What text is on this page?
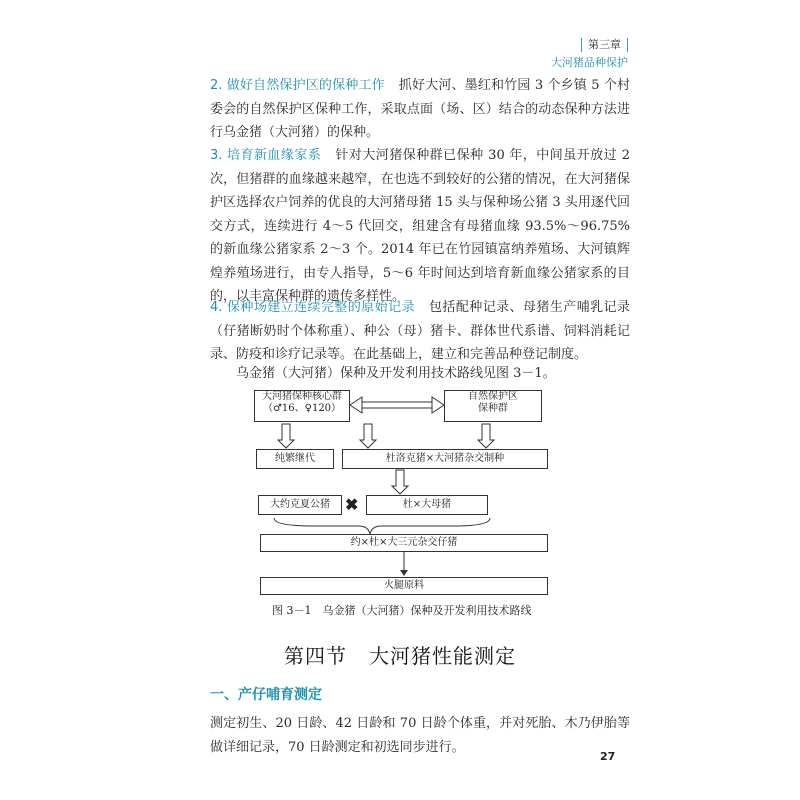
第三章
大河猪品种保护

2. 做好自然保护区的保种工作 抓好大河、墨红和竹园 3 个乡镇 5 个村委会的自然保护区保种工作，采取点面（场、区）结合的动态保种方法进行乌金猪（大河猪）的保种。

3. 培育新血缘家系 针对大河猪保种群已保种 30 年，中间虽开放过 2 次，但猪群的血缘越来越窄，在也选不到较好的公猪的情况，在大河猪保护区选择农户饲养的优良的大河猪母猪 15 头与保种场公猪 3 头用逐代回交方式，连续进行 4～5 代回交，组建含有母猪血缘 93.5%～96.75% 的新血缘公猪家系 2～3 个。2014 年已在竹园镇富纳养殖场、大河镇辉煌养殖场进行，由专人指导，5～6 年时间达到培育新血缘公猪家系的目的，以丰富保种群的遗传多样性。

4. 保种场建立连续完整的原始记录 包括配种记录、母猪生产哺乳记录（仔猪断奶时个体称重）、种公（母）猪卡、群体世代系谱、饲料消耗记录、防疫和诊疗记录等。在此基础上，建立和完善品种登记制度。

乌金猪（大河猪）保种及开发利用技术路线见图 3－1。

大河猪保种核心群
（♂16、♀120）
自然保护区
保种群
纯繁继代	杜洛克猪×大河猪杂交制种
大约克夏公猪 ✖	杜×大母猪
约×杜×大三元杂交仔猪
火腿原料
图 3－1　乌金猪（大河猪）保种及开发利用技术路线
第四节 大河猪性能测定
一、产仔哺育测定

测定初生、20 日龄、42 日龄和 70 日龄个体重，并对死胎、木乃伊胎等做详细记录，70 日龄测定和初选同步进行。

27
